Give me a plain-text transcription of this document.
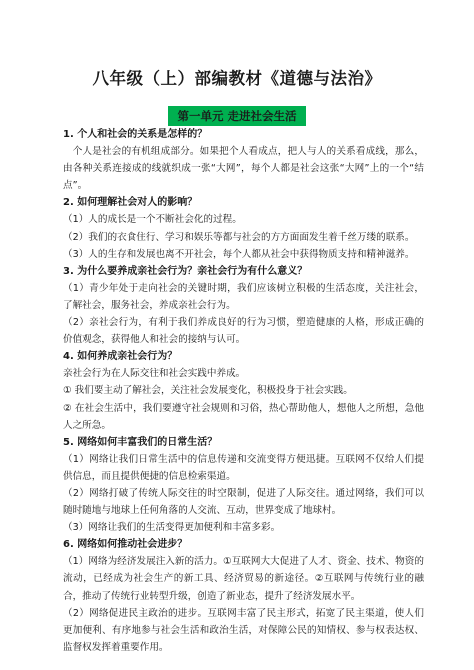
八年级（上）部编教材《道德与法治》
第一单元 走进社会生活

1. 个人和社会的关系是怎样的？

　个人是社会的有机组成部分。如果把个人看成点，把人与人的关系看成线，那么，由各种关系连接成的线就织成一张“大网”，每个人都是社会这张“大网”上的一个“结点”。

2. 如何理解社会对人的影响？

（1）人的成长是一个不断社会化的过程。

（2）我们的衣食住行、学习和娱乐等都与社会的方方面面发生着千丝万缕的联系。

（3）人的生存和发展也离不开社会，每个人都从社会中获得物质支持和精神滋养。

3. 为什么要养成亲社会行为？亲社会行为有什么意义？

（1）青少年处于走向社会的关键时期，我们应该树立积极的生活态度，关注社会，了解社会，服务社会，养成亲社会行为。

（2）亲社会行为，有利于我们养成良好的行为习惯，塑造健康的人格，形成正确的价值观念，获得他人和社会的接纳与认可。

4. 如何养成亲社会行为？

亲社会行为在人际交往和社会实践中养成。

① 我们要主动了解社会，关注社会发展变化，积极投身于社会实践。

② 在社会生活中，我们要遵守社会规则和习俗，热心帮助他人，想他人之所想，急他人之所急。

5. 网络如何丰富我们的日常生活？

（1）网络让我们日常生活中的信息传递和交流变得方便迅捷。互联网不仅给人们提供信息，而且提供便捷的信息检索渠道。

（2）网络打破了传统人际交往的时空限制，促进了人际交往。通过网络，我们可以随时随地与地球上任何角落的人交流、互动，世界变成了地球村。

（3）网络让我们的生活变得更加便利和丰富多彩。

6. 网络如何推动社会进步？

（1）网络为经济发展注入新的活力。①互联网大大促进了人才、资金、技术、物资的流动，已经成为社会生产的新工具、经济贸易的新途径。②互联网与传统行业的融合，推动了传统行业转型升级，创造了新业态，提升了经济发展水平。

（2）网络促进民主政治的进步。互联网丰富了民主形式，拓宽了民主渠道，使人们更加便利、有序地参与社会生活和政治生活，对保障公民的知情权、参与权表达权、监督权发挥着重要作用。
